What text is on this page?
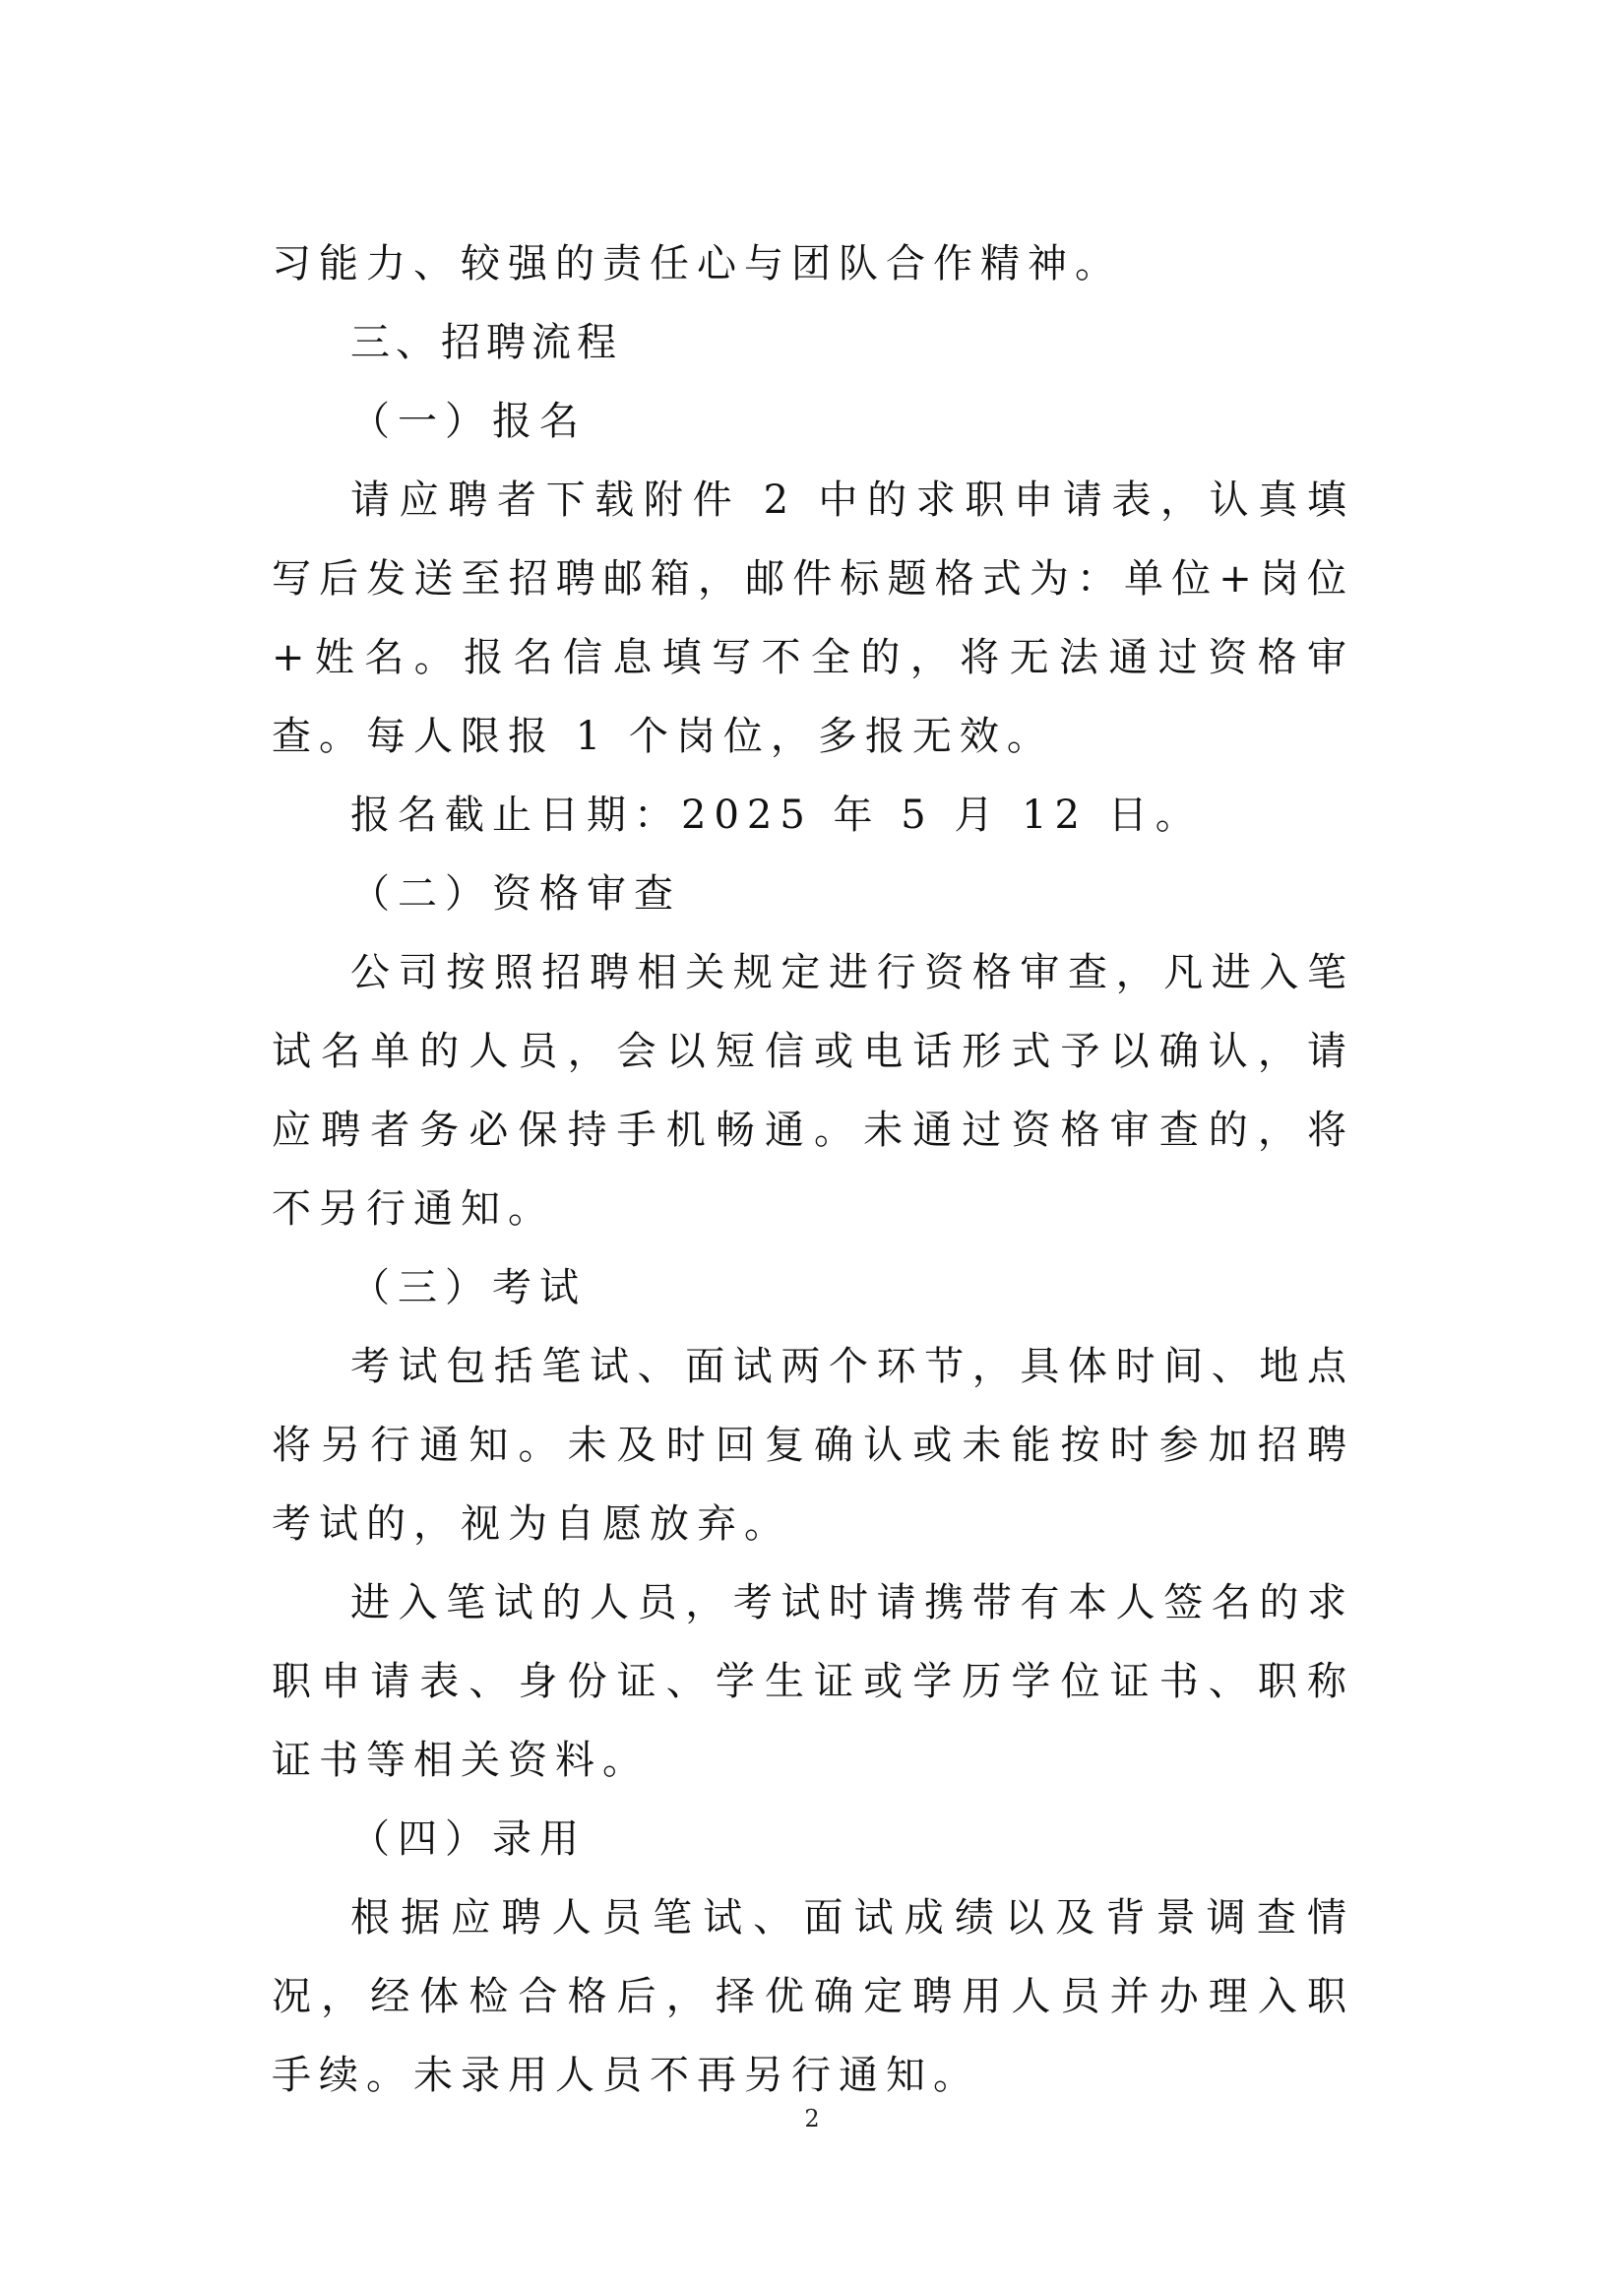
习能力、较强的责任心与团队合作精神。

三、招聘流程

（一）报名

请应聘者下载附件 2 中的求职申请表，认真填写后发送至招聘邮箱，邮件标题格式为：单位+岗位+姓名。报名信息填写不全的，将无法通过资格审查。每人限报 1 个岗位，多报无效。

报名截止日期：2025 年 5 月 12 日。

（二）资格审查

公司按照招聘相关规定进行资格审查，凡进入笔试名单的人员，会以短信或电话形式予以确认，请应聘者务必保持手机畅通。未通过资格审查的，将不另行通知。

（三）考试

考试包括笔试、面试两个环节，具体时间、地点将另行通知。未及时回复确认或未能按时参加招聘考试的，视为自愿放弃。

进入笔试的人员，考试时请携带有本人签名的求职申请表、身份证、学生证或学历学位证书、职称证书等相关资料。

（四）录用

根据应聘人员笔试、面试成绩以及背景调查情况，经体检合格后，择优确定聘用人员并办理入职手续。未录用人员不再另行通知。

2
